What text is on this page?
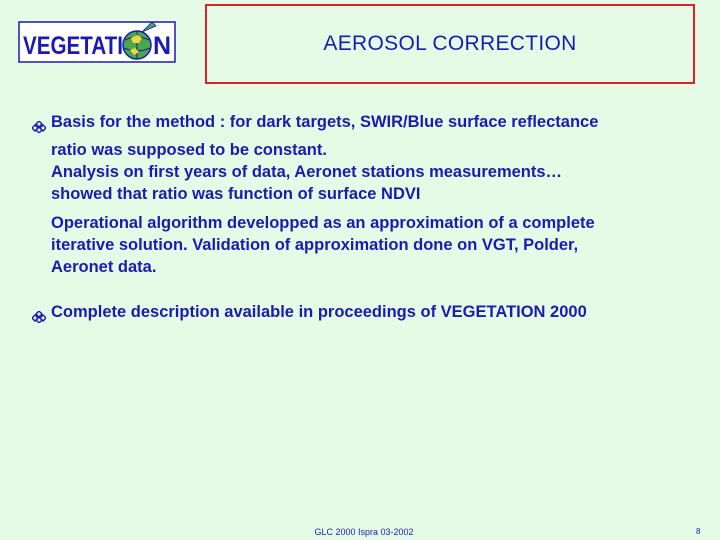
VEGETATI N	AEROSOL CORRECTION
Basis for the method : for dark targets, SWIR/Blue surface reflectance
ratio was supposed to be constant.
Analysis on first years of data, Aeronet stations measurements…
showed that ratio was function of surface NDVI
Operational algorithm developped as an approximation of a complete
iterative solution. Validation of approximation done on VGT, Polder,
Aeronet data.
Complete description available in proceedings of VEGETATION 2000
GLC 2000 Ispra 03-2002	8
